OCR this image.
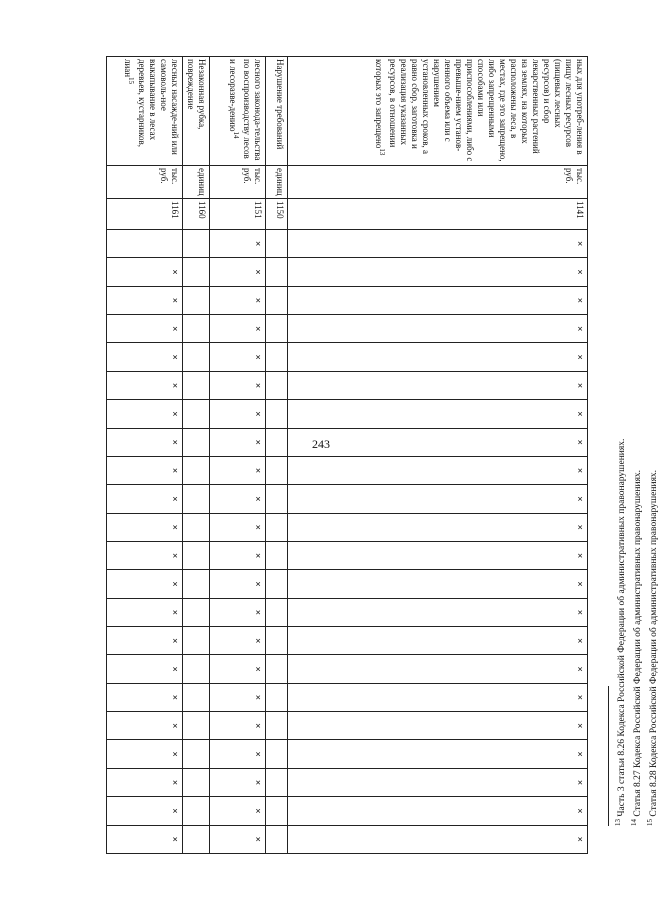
243
ных для употреб-ления в пищу лесных ресурсов (пищевых лесных ресурсов) и сбор лекарственных растений на землях, на которых расположены леса, в местах, где это запрещено, либо запрещенными способами или приспособлениями, либо с превыше-нием установ-ленного объема или с нарушением установленных сроков, а равно сбор, заготовка и реализация указанных ресурсов, в отношении которых это запрещено$^{13}$	тыс. руб.	1141	×	×	×	×	×	×	×	×	×	×	×	×	×	×	×	×	×	×	×	×	×	×
Нарушение требований	единиц	1150																						
лесного законода-тельства по воспроизводству лесов и лесоразве-дению$^{14}$	тыс. руб.	1151	×	×	×	×	×	×	×	×	×	×	×	×	×	×	×	×	×	×	×	×	×	×
Незаконная рубка, повреждение	единиц	1160																						
лесных насажде-ний или самоволь-ное выкапывание в лесах деревьев, кустарников, лиан$^{15}$	тыс. руб.	1161		×	×	×	×	×	×	×	×	×	×	×	×	×	×	×	×	×	×	×	×	×
$^{13}$ Часть 3 статьи 8.26 Кодекса Российской Федерации об административных правонарушениях.
$^{14}$ Статья 8.27 Кодекса Российской Федерации об административных правонарушениях.
$^{15}$ Статья 8.28 Кодекса Российской Федерации об административных правонарушениях.
